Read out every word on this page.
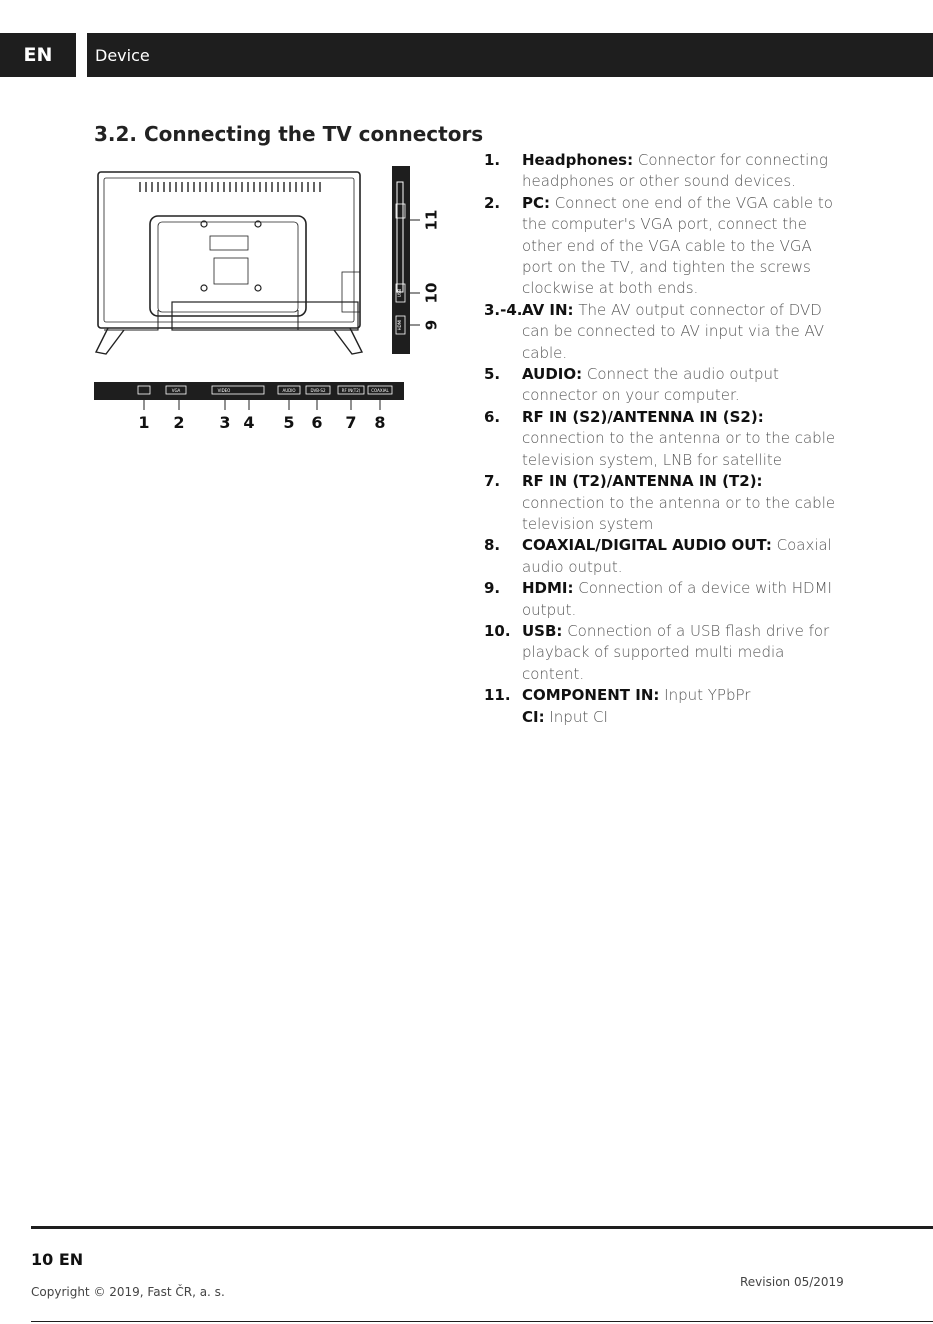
EN	Device
3.2. Connecting the TV connectors
USB
HDMI
11
10
9
VGA	VIDEO	AUDIO	DVB-S2	RF IN(T2)	COAXIAL
1 2 3 4 5 6 7 8
1.	Headphones: Connector for connecting headphones or other sound devices.
2.	PC: Connect one end of the VGA cable to the computer's VGA port, connect the other end of the VGA cable to the VGA port on the TV, and tighten the screws clockwise at both ends.
3.-4. AV IN: The AV output connector of DVD can be connected to AV input via the AV cable.
5.	AUDIO: Connect the audio output connector on your computer.
6.	RF IN (S2)/ANTENNA IN (S2): connection to the antenna or to the cable television system, LNB for satellite
7.	RF IN (T2)/ANTENNA IN (T2): connection to the antenna or to the cable television system
8.	COAXIAL/DIGITAL AUDIO OUT: Coaxial audio output.
9.	HDMI: Connection of a device with HDMI output.
10. USB: Connection of a USB flash drive for playback of supported multi media content.
11. COMPONENT IN: Input YPbPr
CI: Input CI
10 EN
Copyright © 2019, Fast ČR, a. s.
Revision 05/2019
